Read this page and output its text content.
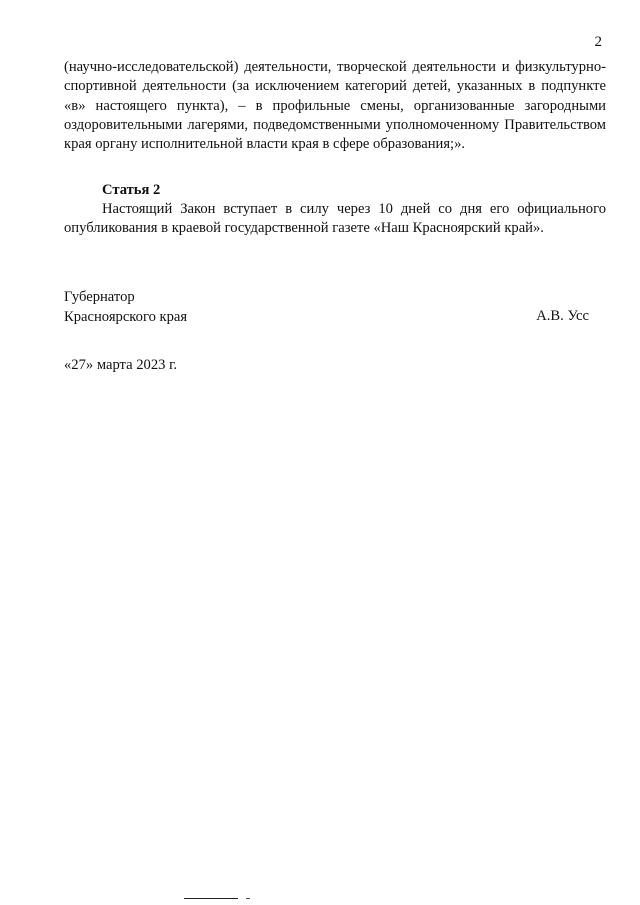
2

(научно-исследовательской) деятельности, творческой деятельности и физкультурно-спортивной деятельности (за исключением категорий детей, указанных в подпункте «в» настоящего пункта), – в профильные смены, организованные загородными оздоровительными лагерями, подведомственными уполномоченному Правительством края органу исполнительной власти края в сфере образования;».

Статья 2

Настоящий Закон вступает в силу через 10 дней со дня его официального опубликования в краевой государственной газете «Наш Красноярский край».

Губернатор
Красноярского края	А.В. Усс
«27» марта 2023 г.
